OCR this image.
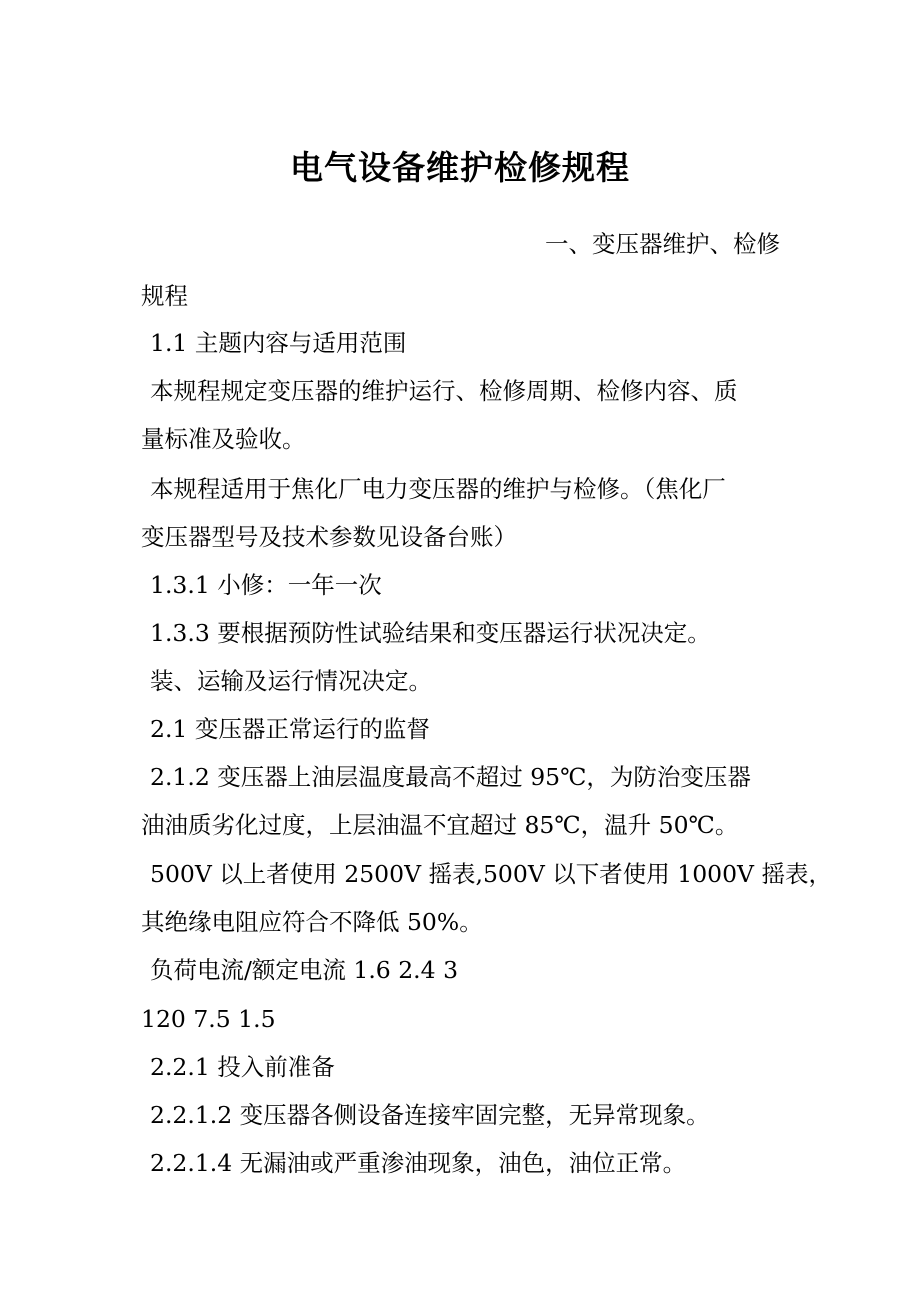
电气设备维护检修规程
一、变压器维护、检修
规程
1.1 主题内容与适用范围
本规程规定变压器的维护运行、检修周期、检修内容、质
量标准及验收。
本规程适用于焦化厂电力变压器的维护与检修。（焦化厂
变压器型号及技术参数见设备台账）
1.3.1 小修：一年一次
1.3.3 要根据预防性试验结果和变压器运行状况决定。
装、运输及运行情况决定。
2.1 变压器正常运行的监督
2.1.2 变压器上油层温度最高不超过 95℃，为防治变压器
油油质劣化过度，上层油温不宜超过 85℃，温升 50℃。
500V 以上者使用 2500V 摇表,500V 以下者使用 1000V 摇表，
其绝缘电阻应符合不降低 50%。
负荷电流/额定电流 1.6 2.4 3
120 7.5 1.5
2.2.1 投入前准备
2.2.1.2 变压器各侧设备连接牢固完整，无异常现象。
2.2.1.4 无漏油或严重渗油现象，油色，油位正常。
